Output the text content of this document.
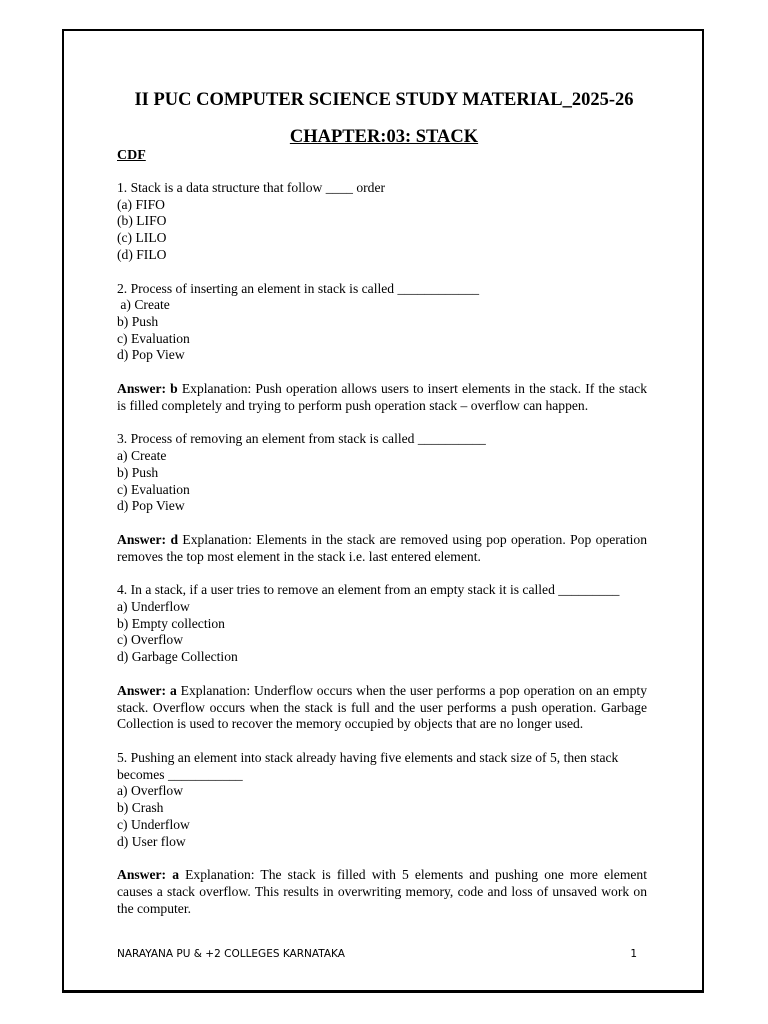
II PUC COMPUTER SCIENCE STUDY MATERIAL_2025-26
CHAPTER:03: STACK
CDF
1. Stack is a data structure that follow ____ order
(a) FIFO
(b) LIFO
(c) LILO
(d) FILO
2. Process of inserting an element in stack is called ____________
a) Create
b) Push
c) Evaluation
d) Pop View
Answer: b Explanation: Push operation allows users to insert elements in the stack. If the stack is filled completely and trying to perform push operation stack – overflow can happen.
3. Process of removing an element from stack is called __________
a) Create
b) Push
c) Evaluation
d) Pop View
Answer: d Explanation: Elements in the stack are removed using pop operation. Pop operation removes the top most element in the stack i.e. last entered element.
4. In a stack, if a user tries to remove an element from an empty stack it is called _________
a) Underflow
b) Empty collection
c) Overflow
d) Garbage Collection
Answer: a Explanation: Underflow occurs when the user performs a pop operation on an empty stack. Overflow occurs when the stack is full and the user performs a push operation. Garbage Collection is used to recover the memory occupied by objects that are no longer used.
5. Pushing an element into stack already having five elements and stack size of 5, then stack becomes ___________
a) Overflow
b) Crash
c) Underflow
d) User flow
Answer: a Explanation: The stack is filled with 5 elements and pushing one more element causes a stack overflow. This results in overwriting memory, code and loss of unsaved work on the computer.
NARAYANA PU & +2 COLLEGES KARNATAKA	1
